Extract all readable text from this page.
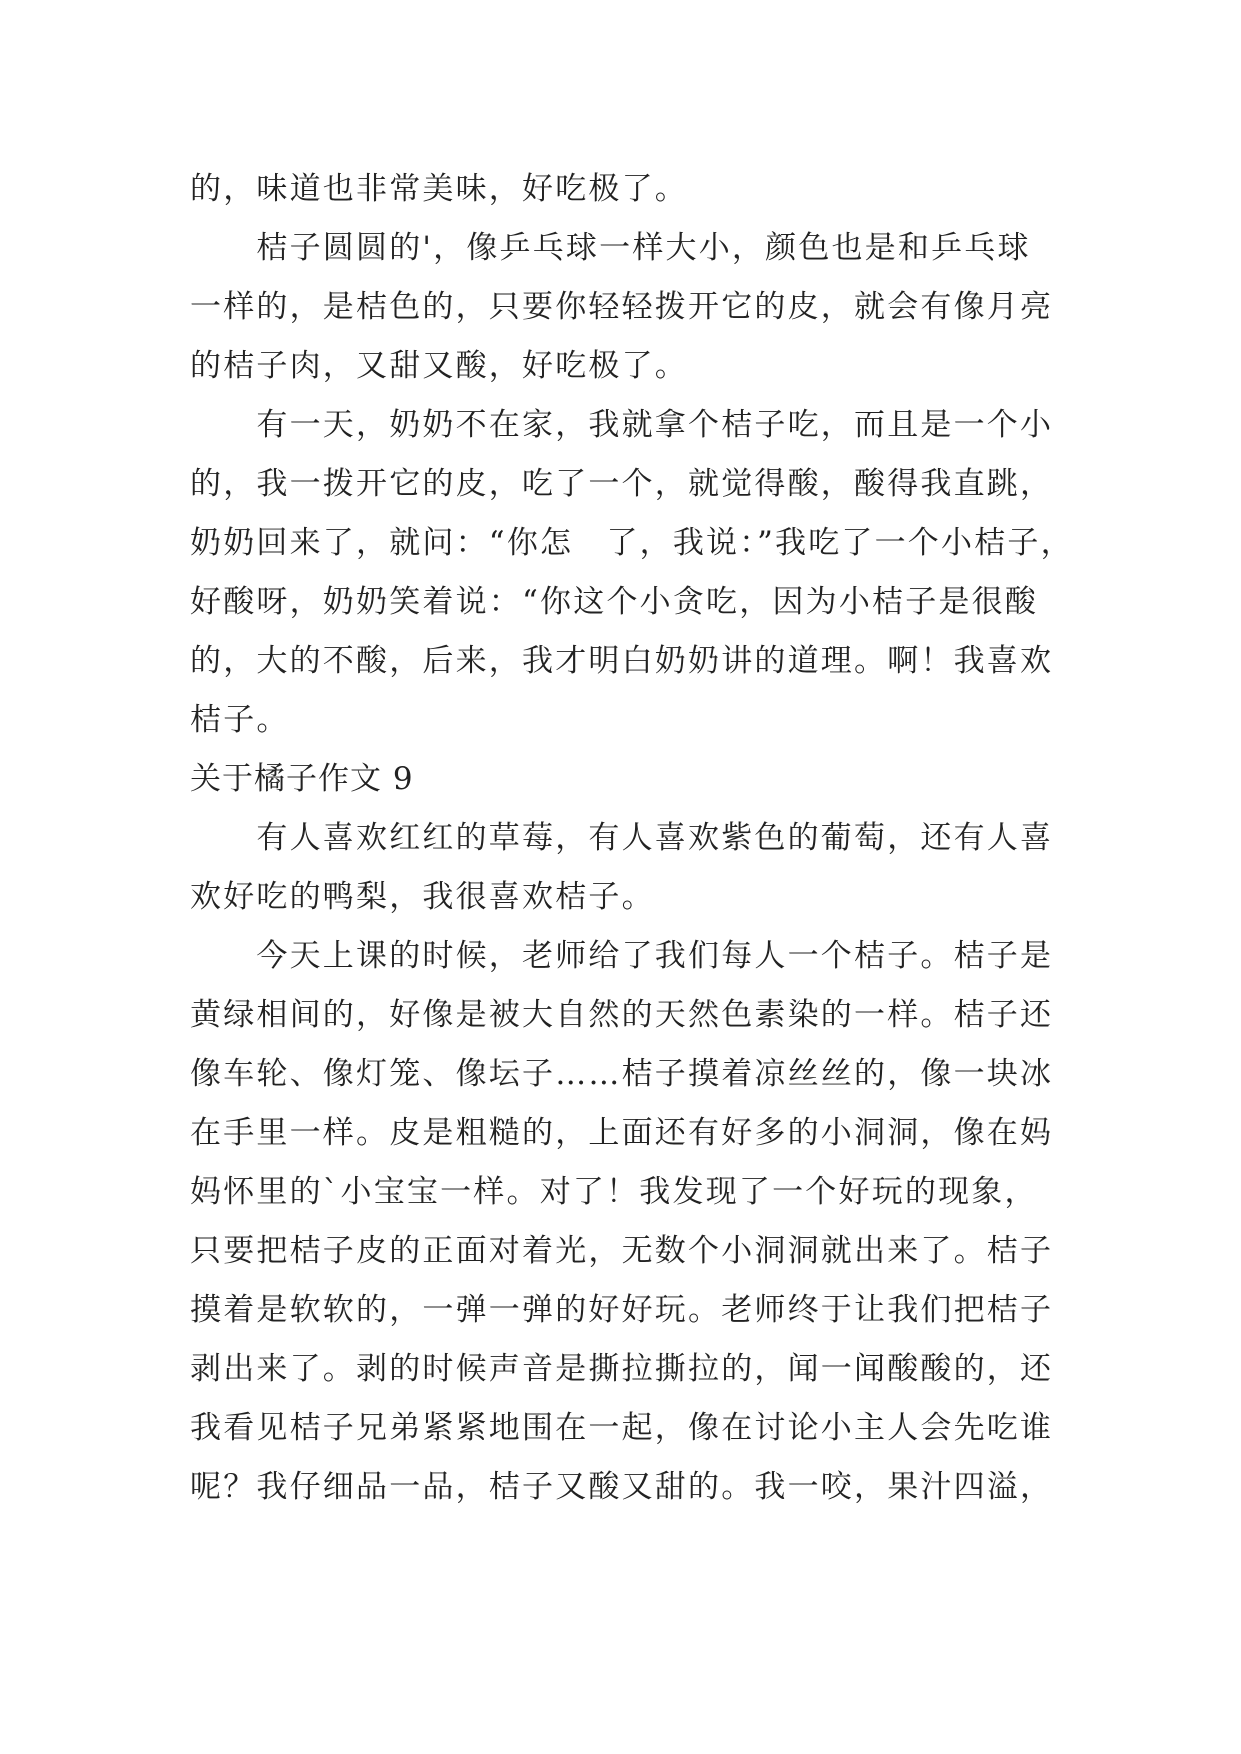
的，味道也非常美味，好吃极了。
　　桔子圆圆的'，像乒乓球一样大小，颜色也是和乒乓球
一样的，是桔色的，只要你轻轻拨开它的皮，就会有像月亮
的桔子肉，又甜又酸，好吃极了。
　　有一天，奶奶不在家，我就拿个桔子吃，而且是一个小
的，我一拨开它的皮，吃了一个，就觉得酸，酸得我直跳，
奶奶回来了，就问：“你怎　了，我说：”我吃了一个小桔子，
好酸呀，奶奶笑着说：“你这个小贪吃，因为小桔子是很酸
的，大的不酸，后来，我才明白奶奶讲的道理。啊！我喜欢
桔子。
关于橘子作文 9
　　有人喜欢红红的草莓，有人喜欢紫色的葡萄，还有人喜
欢好吃的鸭梨，我很喜欢桔子。
　　今天上课的时候，老师给了我们每人一个桔子。桔子是
黄绿相间的，好像是被大自然的天然色素染的一样。桔子还
像车轮、像灯笼、像坛子……桔子摸着凉丝丝的，像一块冰
在手里一样。皮是粗糙的，上面还有好多的小洞洞，像在妈
妈怀里的`小宝宝一样。对了！我发现了一个好玩的现象，
只要把桔子皮的正面对着光，无数个小洞洞就出来了。桔子
摸着是软软的，一弹一弹的好好玩。老师终于让我们把桔子
剥出来了。剥的时候声音是撕拉撕拉的，闻一闻酸酸的，还
我看见桔子兄弟紧紧地围在一起，像在讨论小主人会先吃谁
呢？我仔细品一品，桔子又酸又甜的。我一咬，果汁四溢，
